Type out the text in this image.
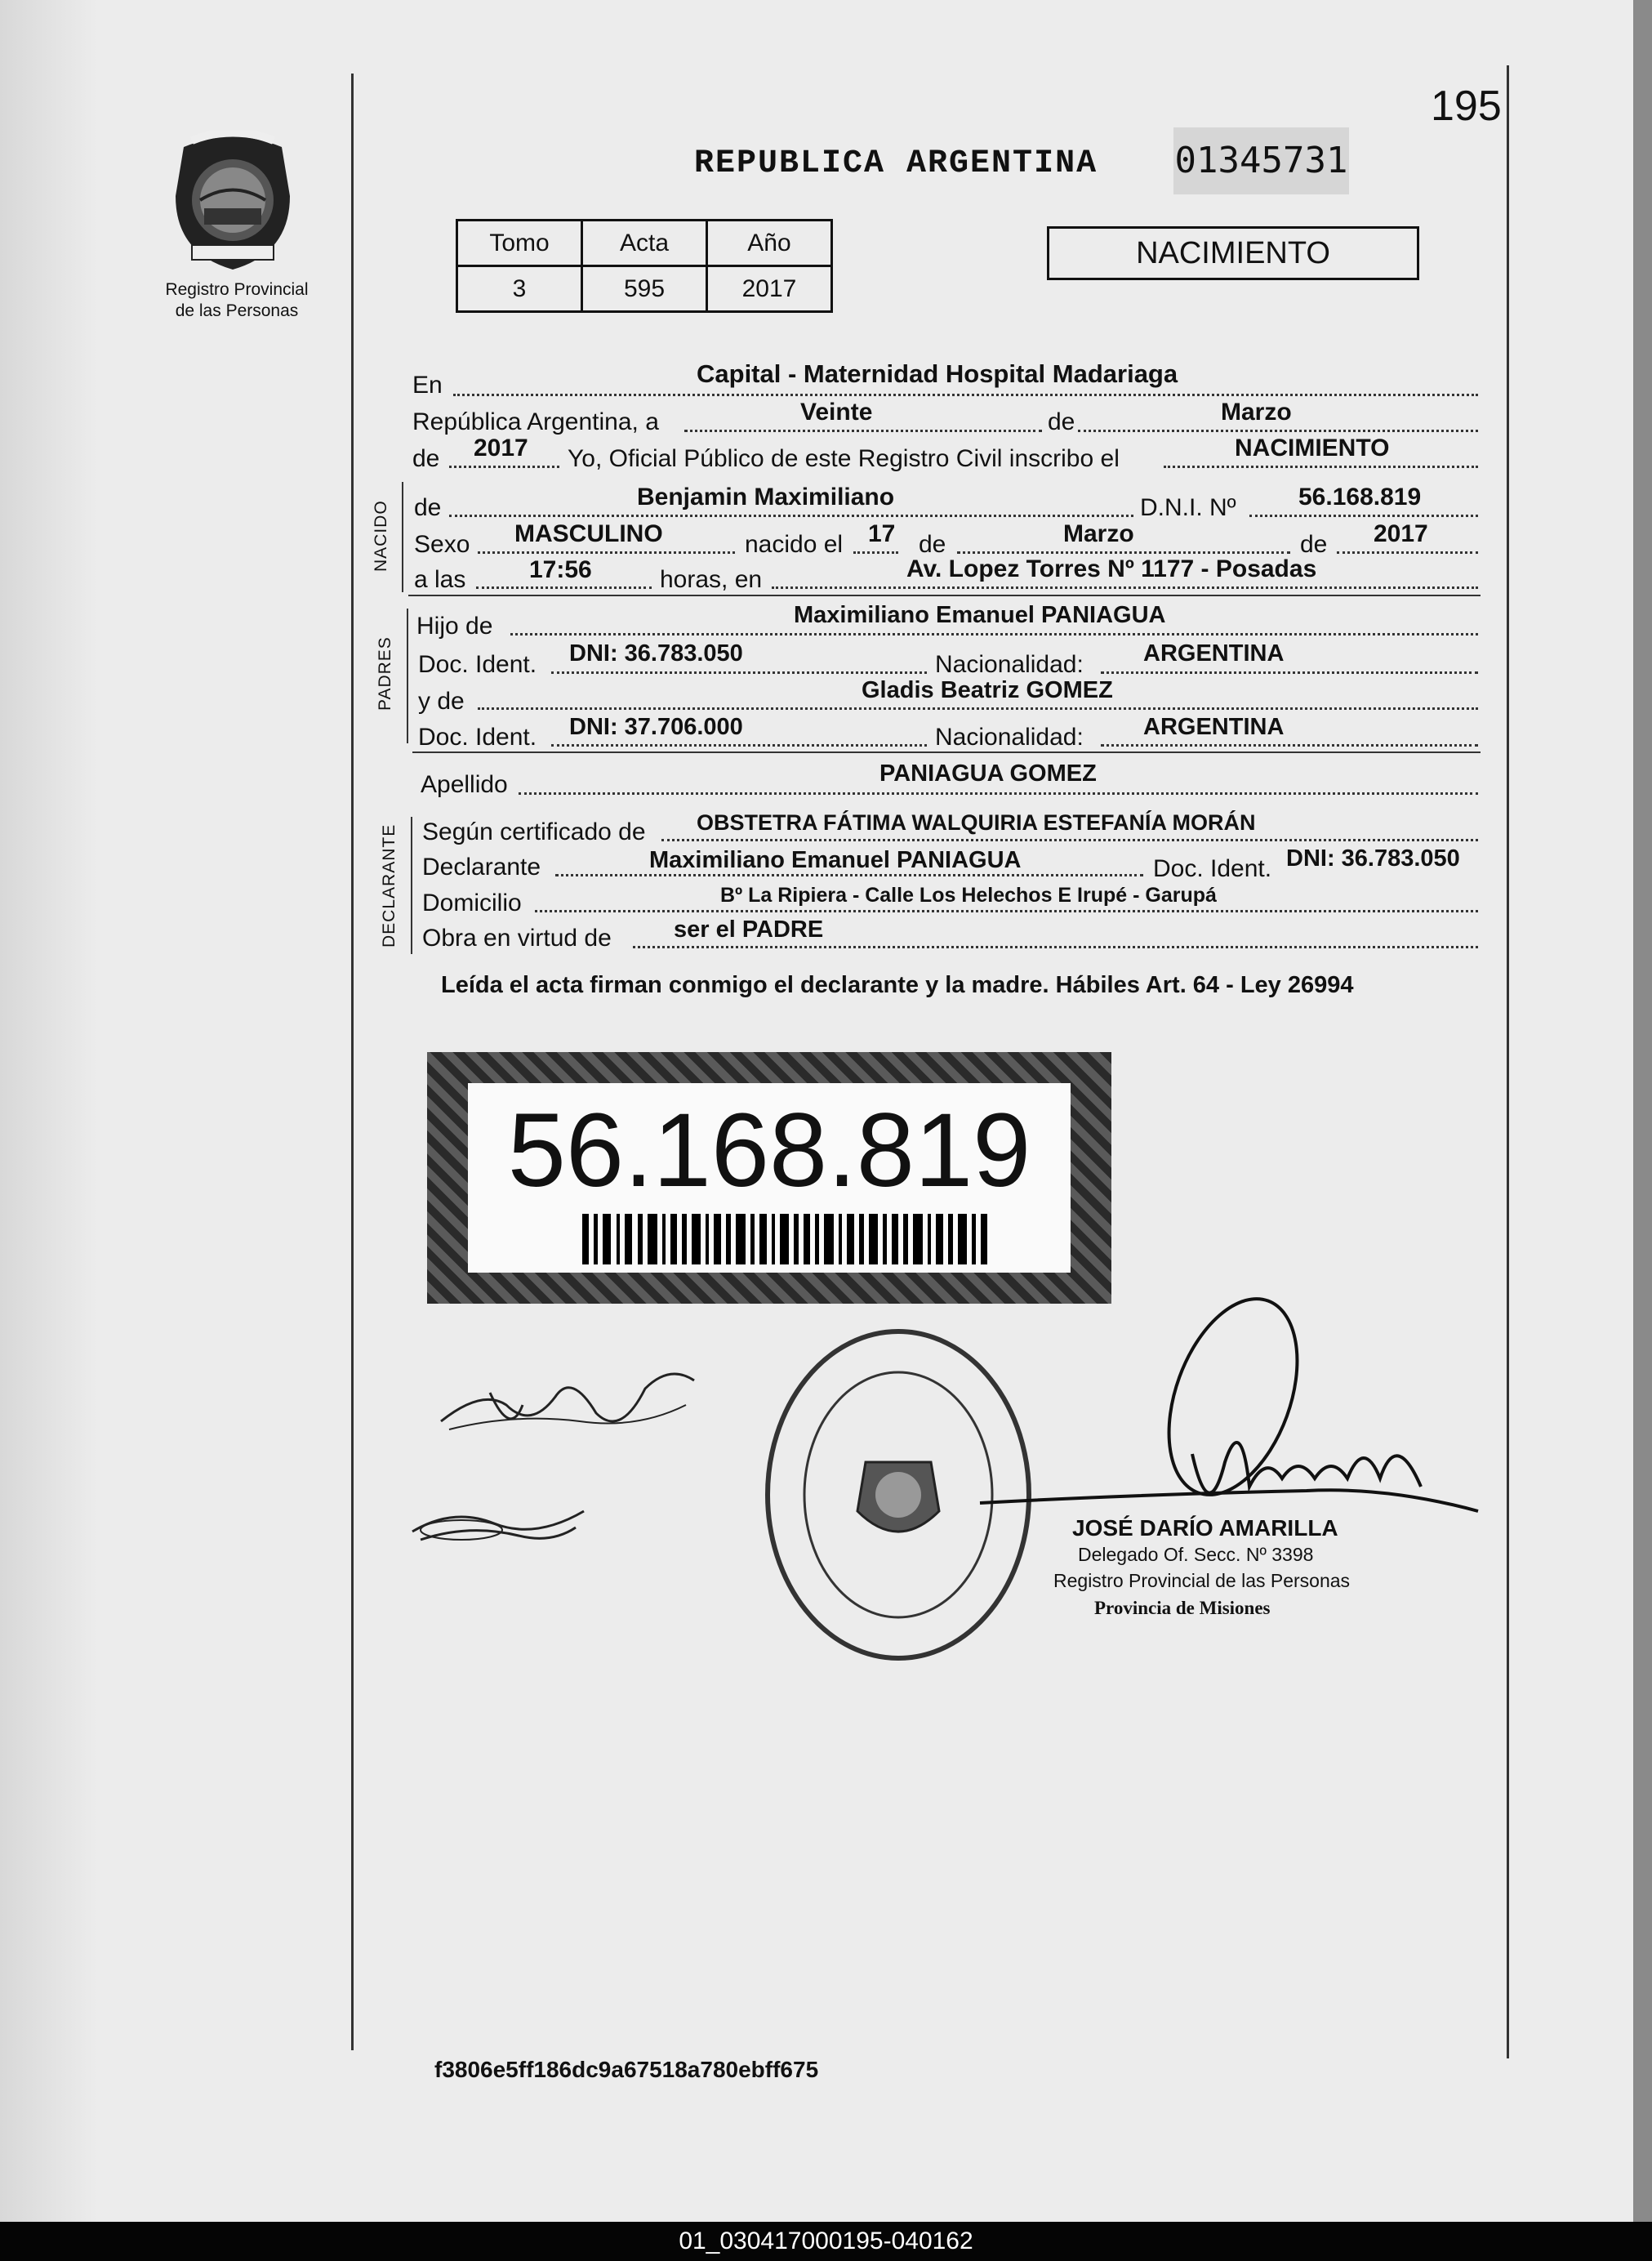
Registro Provincial
de las Personas
195
REPUBLICA ARGENTINA 01345731
Tomo	Acta	Año
3	595	2017
NACIMIENTO
En	Capital - Maternidad Hospital Madariaga
República Argentina, a	Veinte	de	Marzo
de 2017 Yo, Oficial Público de este Registro Civil inscribo el	NACIMIENTO
NACIDO de	Benjamin Maximiliano	D.N.I. Nº	56.168.819
Sexo MASCULINO	nacido el 17 de	Marzo	de 2017
a las	17:56	horas, en	Av. Lopez Torres Nº 1177 - Posadas
PADRES
Hijo de	Maximiliano Emanuel PANIAGUA
Doc. Ident. DNI: 36.783.050	Nacionalidad:	ARGENTINA
y de	Gladis Beatriz GOMEZ
Doc. Ident. DNI: 37.706.000	Nacionalidad:	ARGENTINA
Apellido	PANIAGUA GOMEZ
DECLARANTE Según certificado de OBSTETRA FÁTIMA WALQUIRIA ESTEFANÍA MORÁN
Declarante	Maximiliano Emanuel PANIAGUA	Doc. Ident. DNI: 36.783.050
Domicilio	Bº La Ripiera - Calle Los Helechos E Irupé - Garupá
Obra en virtud de	ser el PADRE
Leída el acta firman conmigo el declarante y la madre. Hábiles Art. 64 - Ley 26994
56.168.819
JOSÉ DARÍO AMARILLA
Delegado Of. Secc. Nº 3398
Registro Provincial de las Personas
Provincia de Misiones
f3806e5ff186dc9a67518a780ebff675
01_030417000195-040162
